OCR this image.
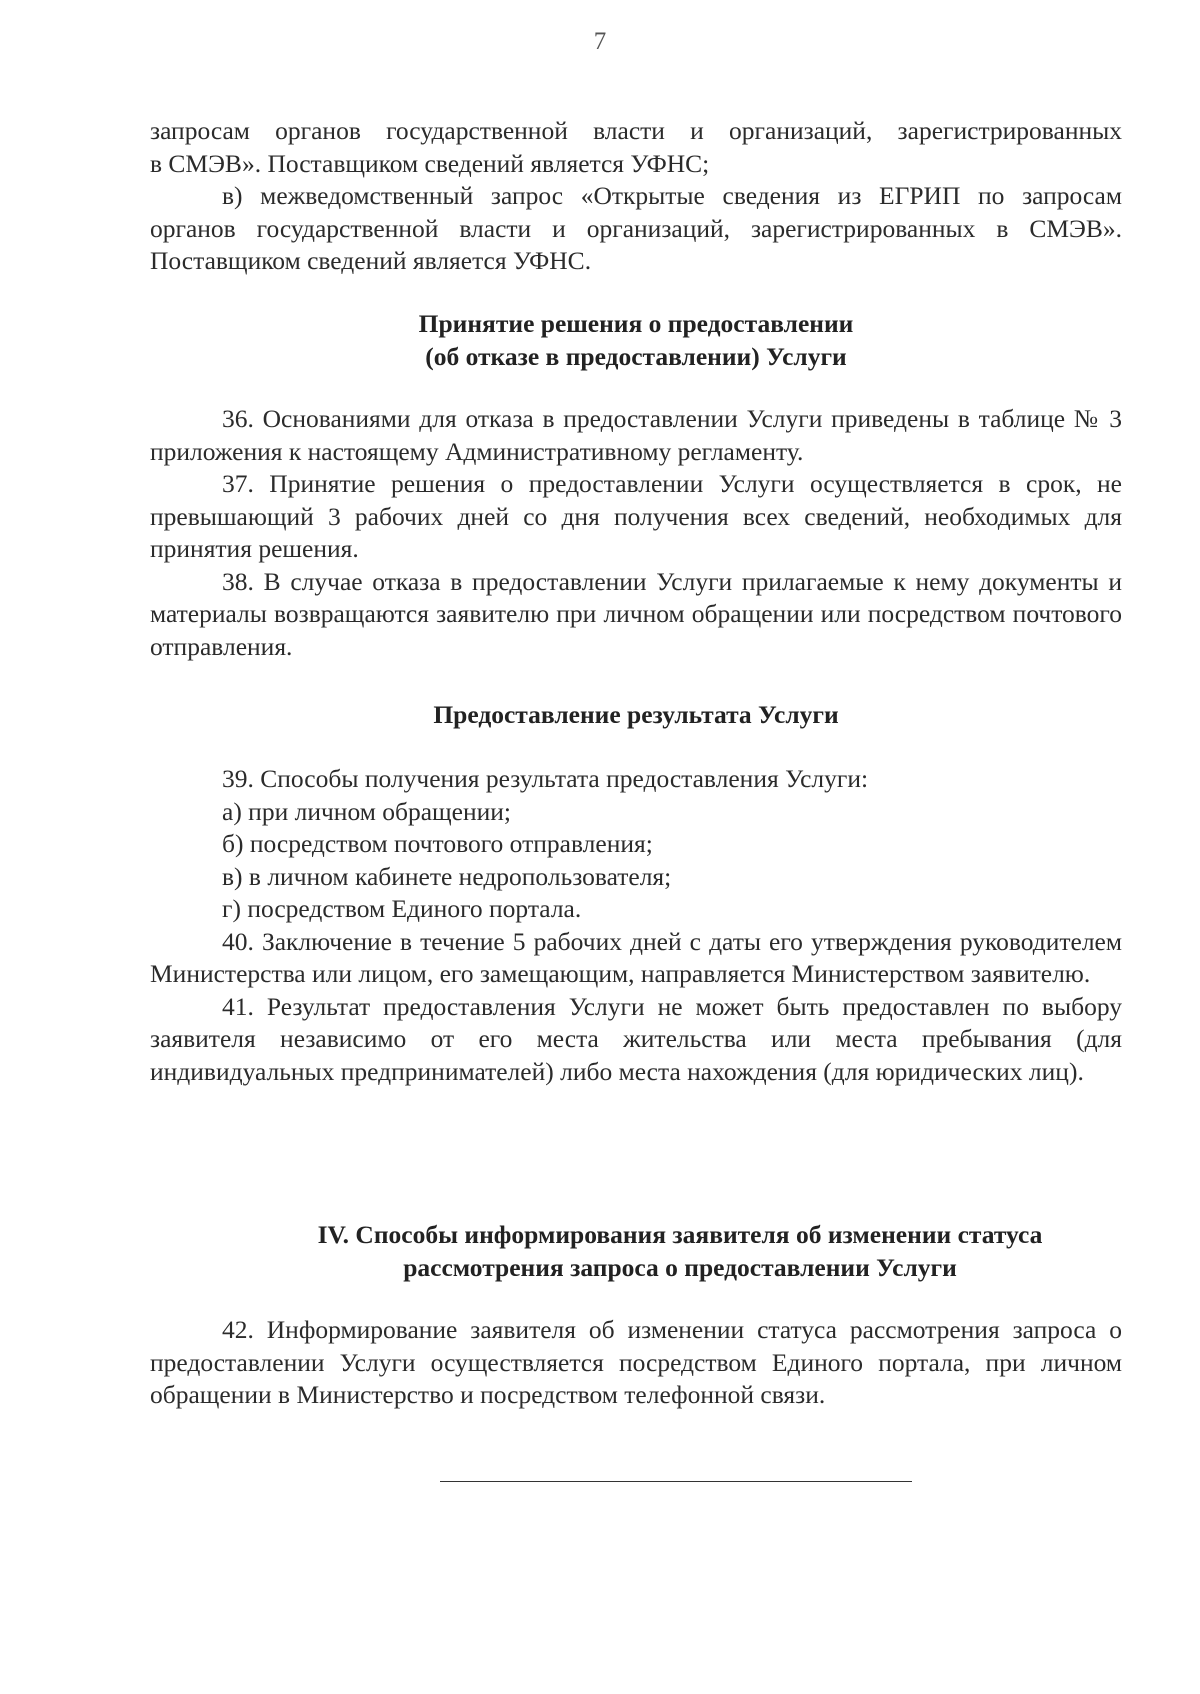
7

запросам органов государственной власти и организаций, зарегистрированных

в СМЭВ». Поставщиком сведений является УФНС;

в) межведомственный запрос «Открытые сведения из ЕГРИП по запросам органов государственной власти и организаций, зарегистрированных в СМЭВ». Поставщиком сведений является УФНС.

Принятие решения о предоставлении
(об отказе в предоставлении) Услуги

36. Основаниями для отказа в предоставлении Услуги приведены в таблице № 3 приложения к настоящему Административному регламенту.

37. Принятие решения о предоставлении Услуги осуществляется в срок, не превышающий 3 рабочих дней со дня получения всех сведений, необходимых для принятия решения.

38. В случае отказа в предоставлении Услуги прилагаемые к нему документы и материалы возвращаются заявителю при личном обращении или посредством почтового отправления.

Предоставление результата Услуги

39. Способы получения результата предоставления Услуги:

а) при личном обращении;

б) посредством почтового отправления;

в) в личном кабинете недропользователя;

г) посредством Единого портала.

40. Заключение в течение 5 рабочих дней с даты его утверждения руководителем Министерства или лицом, его замещающим, направляется Министерством заявителю.

41. Результат предоставления Услуги не может быть предоставлен по выбору заявителя независимо от его места жительства или места пребывания (для индивидуальных предпринимателей) либо места нахождения (для юридических лиц).

IV. Способы информирования заявителя об изменении статуса
рассмотрения запроса о предоставлении Услуги

42. Информирование заявителя об изменении статуса рассмотрения запроса о предоставлении Услуги осуществляется посредством Единого портала, при личном обращении в Министерство и посредством телефонной связи.
